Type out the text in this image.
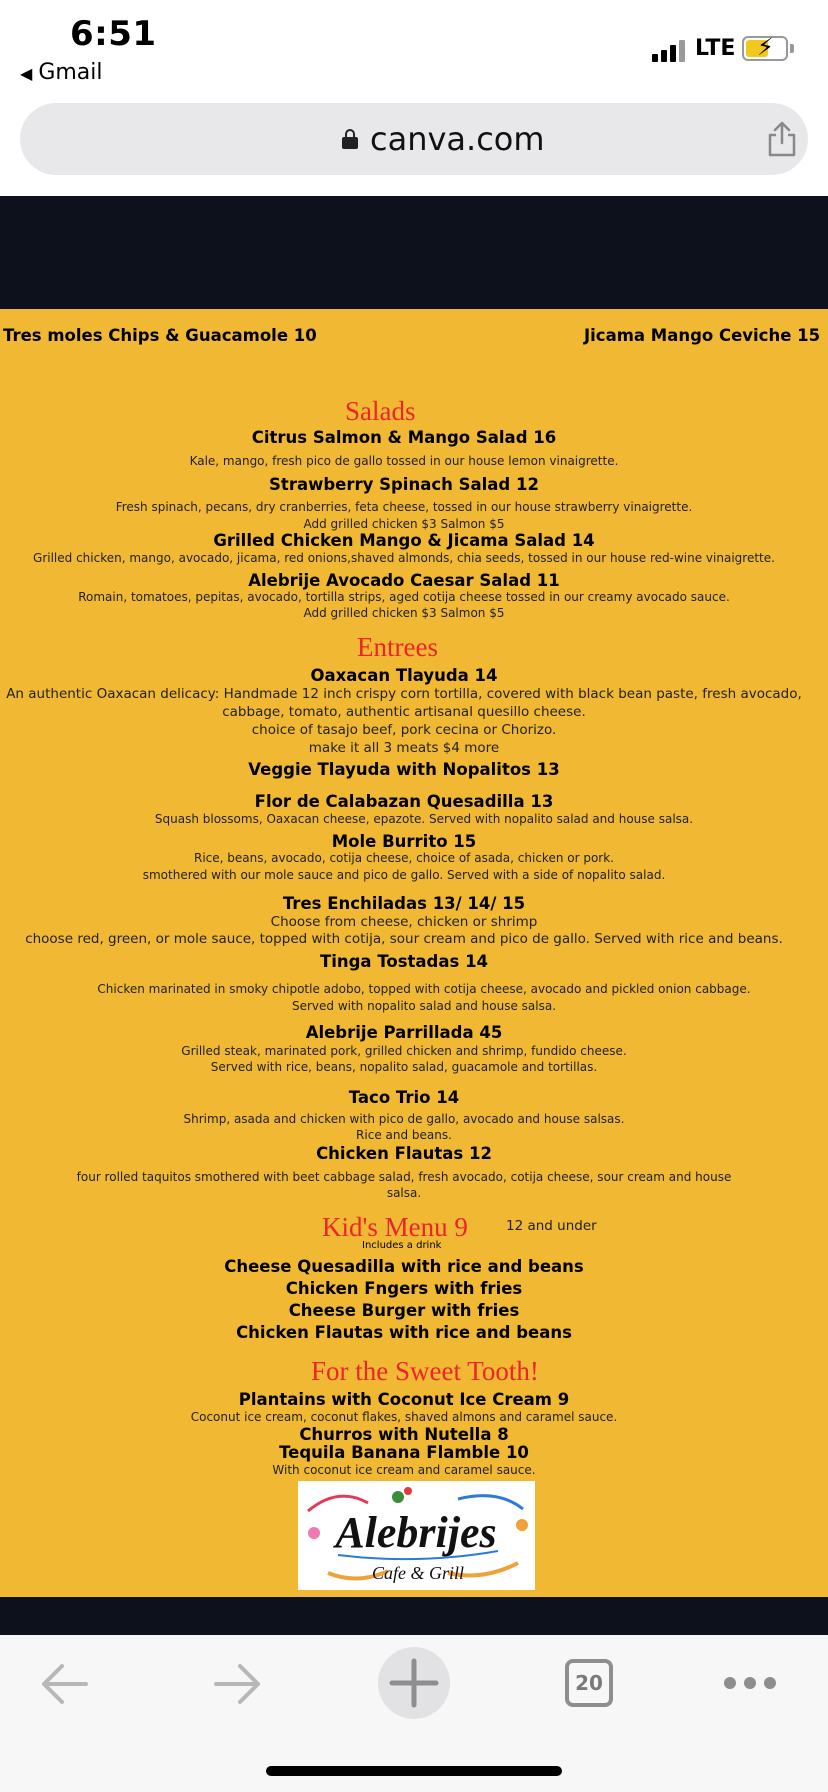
6:51
◀ Gmail
LTE ⚡
canva.com
Tres moles Chips & Guacamole 10	Jicama Mango Ceviche 15
Salads
Citrus Salmon & Mango Salad 16
Kale, mango, fresh pico de gallo tossed in our house lemon vinaigrette.
Strawberry Spinach Salad 12
Fresh spinach, pecans, dry cranberries, feta cheese, tossed in our house strawberry vinaigrette.
Add grilled chicken $3 Salmon $5
Grilled Chicken Mango & Jicama Salad 14
Grilled chicken, mango, avocado, jicama, red onions,shaved almonds, chia seeds, tossed in our house red-wine vinaigrette.
Alebrije Avocado Caesar Salad 11
Romain, tomatoes, pepitas, avocado, tortilla strips, aged cotija cheese tossed in our creamy avocado sauce.
Add grilled chicken $3 Salmon $5
Entrees
Oaxacan Tlayuda 14
An authentic Oaxacan delicacy: Handmade 12 inch crispy corn tortilla, covered with black bean paste, fresh avocado,
cabbage, tomato, authentic artisanal quesillo cheese.
choice of tasajo beef, pork cecina or Chorizo.
make it all 3 meats $4 more
Veggie Tlayuda with Nopalitos 13
Flor de Calabazan Quesadilla 13
Squash blossoms, Oaxacan cheese, epazote. Served with nopalito salad and house salsa.
Mole Burrito 15
Rice, beans, avocado, cotija cheese, choice of asada, chicken or pork.
smothered with our mole sauce and pico de gallo. Served with a side of nopalito salad.
Tres Enchiladas 13/ 14/ 15
Choose from cheese, chicken or shrimp
choose red, green, or mole sauce, topped with cotija, sour cream and pico de gallo. Served with rice and beans.
Tinga Tostadas 14
Chicken marinated in smoky chipotle adobo, topped with cotija cheese, avocado and pickled onion cabbage.
Served with nopalito salad and house salsa.
Alebrije Parrillada 45
Grilled steak, marinated pork, grilled chicken and shrimp, fundido cheese.
Served with rice, beans, nopalito salad, guacamole and tortillas.
Taco Trio 14
Shrimp, asada and chicken with pico de gallo, avocado and house salsas.
Rice and beans.
Chicken Flautas 12
four rolled taquitos smothered with beet cabbage salad, fresh avocado, cotija cheese, sour cream and house
salsa.
Kid's Menu 9	12 and under
Includes a drink
Cheese Quesadilla with rice and beans
Chicken Fngers with fries
Cheese Burger with fries
Chicken Flautas with rice and beans
For the Sweet Tooth!
Plantains with Coconut Ice Cream 9
Coconut ice cream, coconut flakes, shaved almons and caramel sauce.
Churros with Nutella 8
Tequila Banana Flamble 10
With coconut ice cream and caramel sauce.
Alebrijes
Cafe & Grill
20
